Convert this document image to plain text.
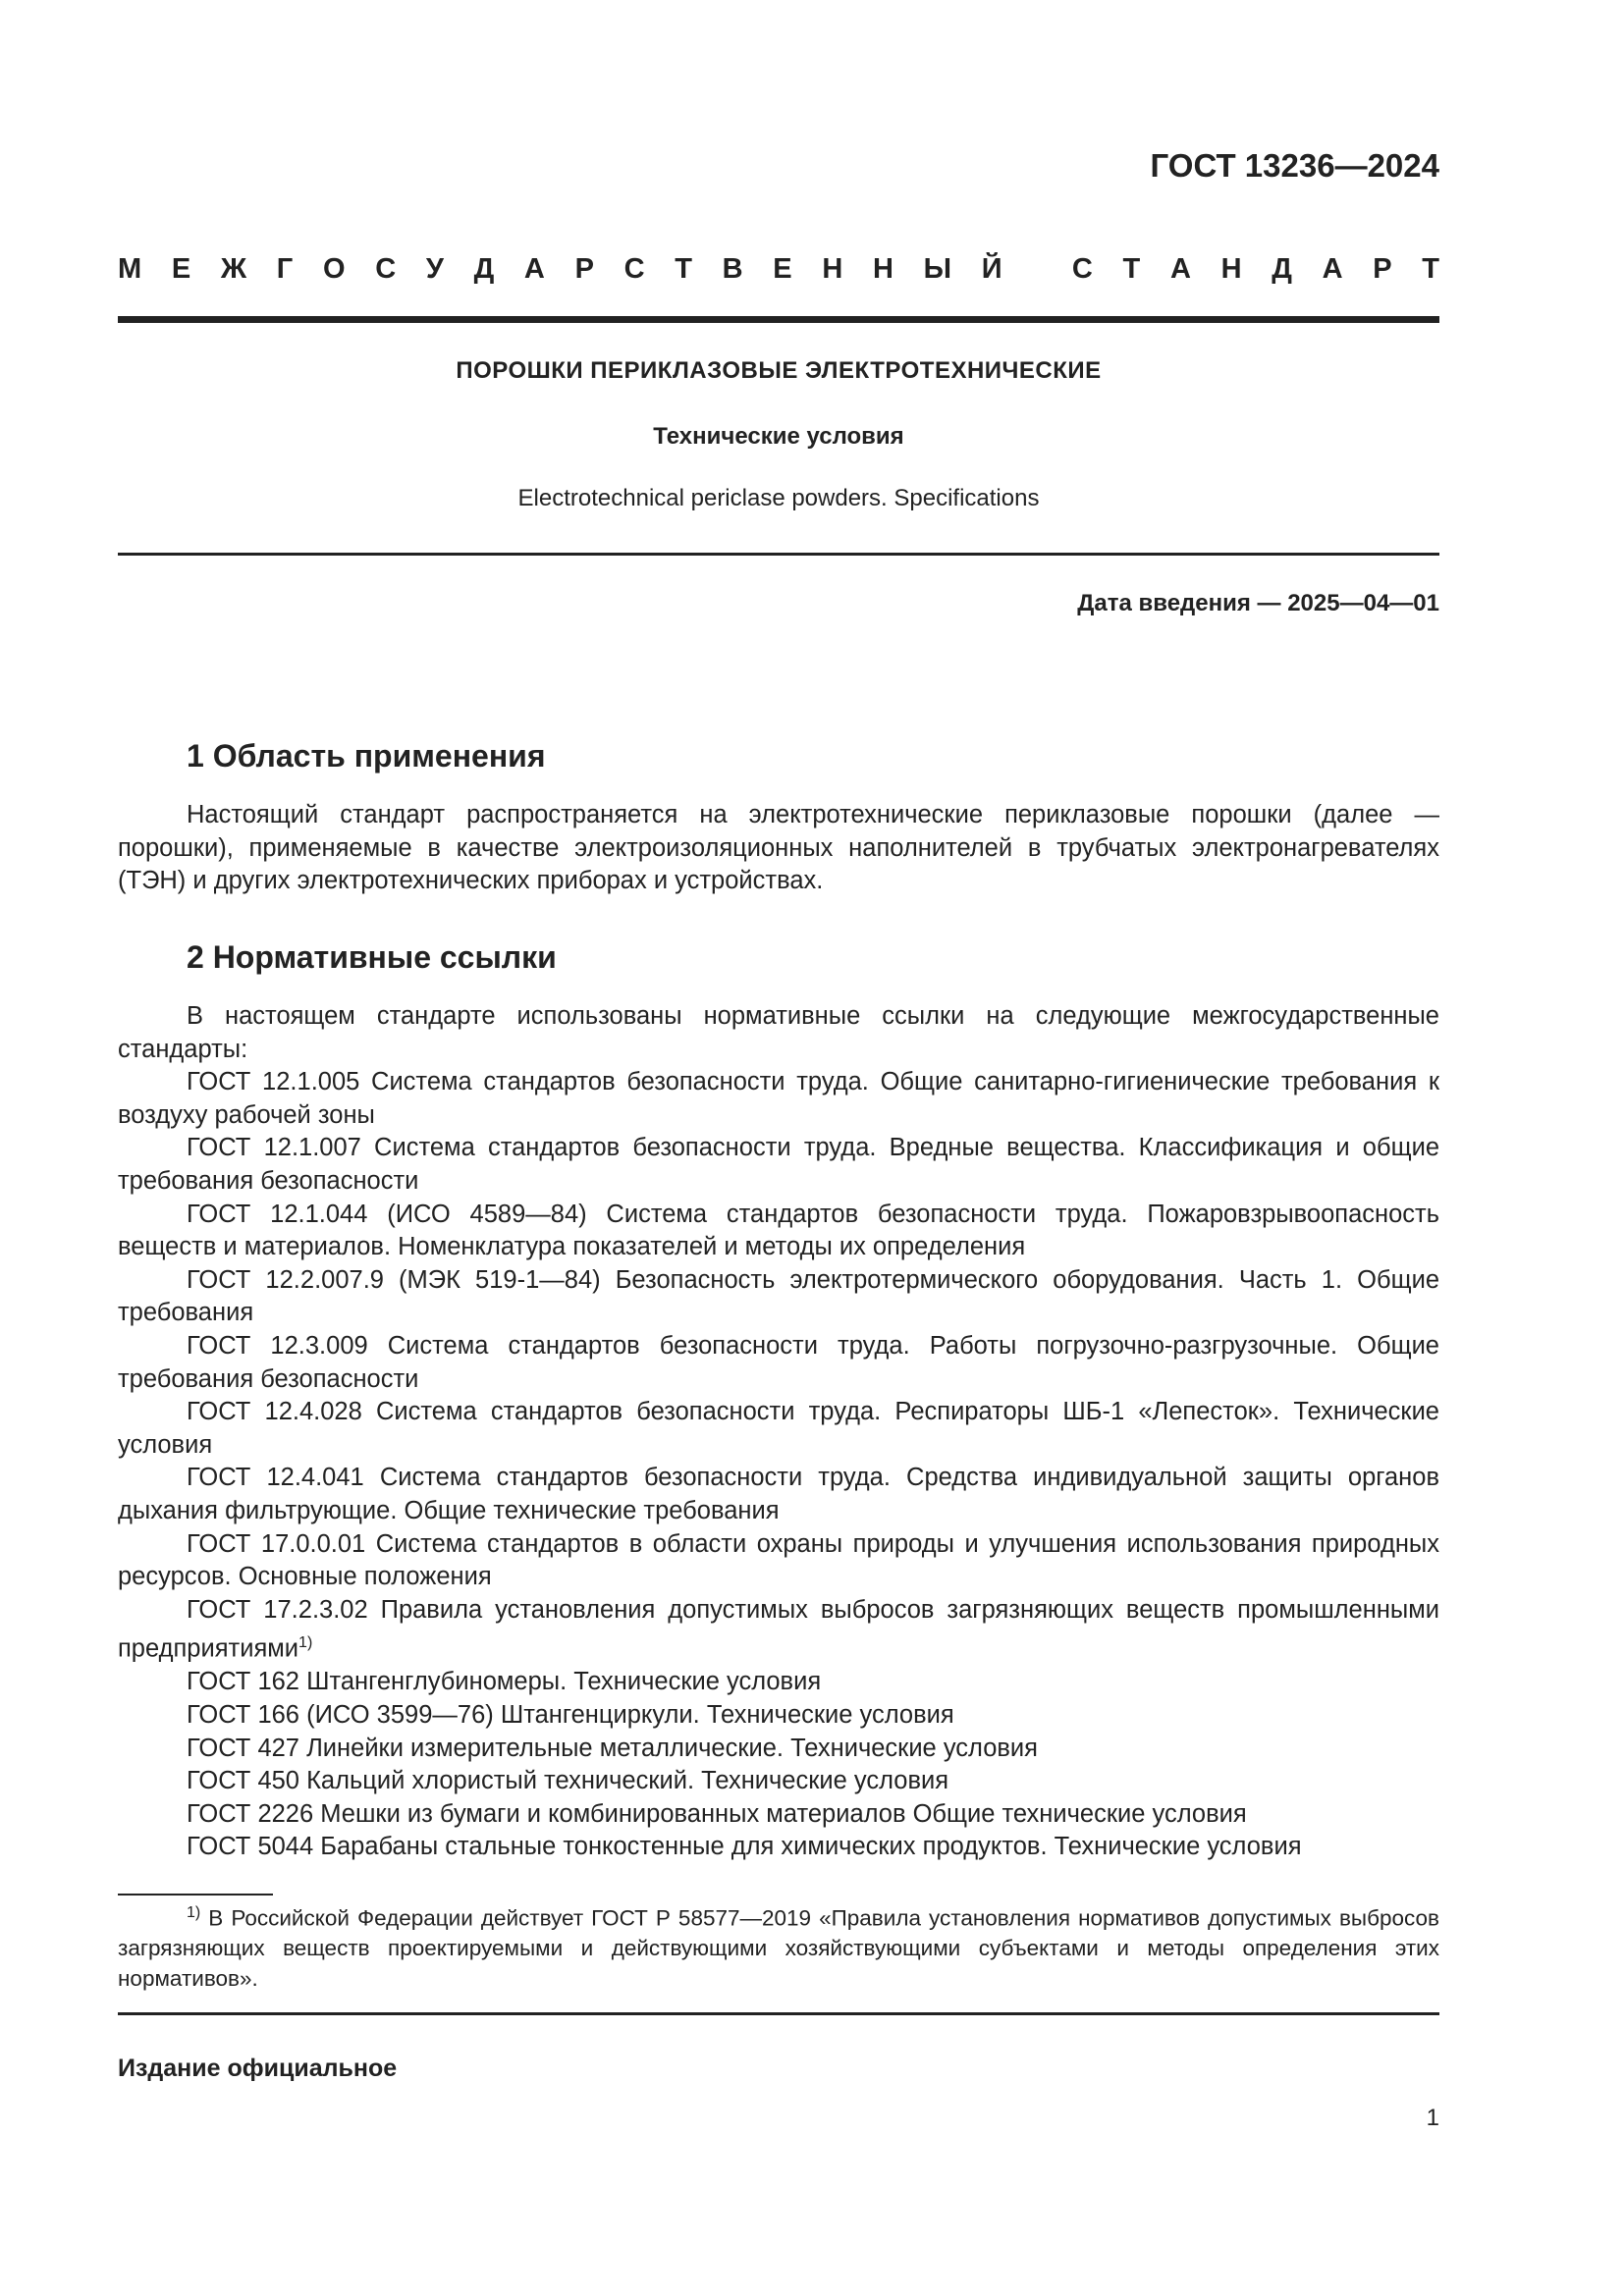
ГОСТ 13236—2024
М Е Ж Г О С У Д А Р С Т В Е Н Н Ы Й С Т А Н Д А Р Т
ПОРОШКИ ПЕРИКЛАЗОВЫЕ ЭЛЕКТРОТЕХНИЧЕСКИЕ
Технические условия
Electrotechnical periclase powders. Specifications
Дата введения — 2025—04—01
1 Область применения

Настоящий стандарт распространяется на электротехнические периклазовые порошки (далее — порошки), применяемые в качестве электроизоляционных наполнителей в трубчатых электронагревателях (ТЭН) и других электротехнических приборах и устройствах.

2 Нормативные ссылки

В настоящем стандарте использованы нормативные ссылки на следующие межгосударственные стандарты:

ГОСТ 12.1.005 Система стандартов безопасности труда. Общие санитарно-гигиенические требования к воздуху рабочей зоны

ГОСТ 12.1.007 Система стандартов безопасности труда. Вредные вещества. Классификация и общие требования безопасности

ГОСТ 12.1.044 (ИСО 4589—84) Система стандартов безопасности труда. Пожаровзрывоопасность веществ и материалов. Номенклатура показателей и методы их определения

ГОСТ 12.2.007.9 (МЭК 519-1—84) Безопасность электротермического оборудования. Часть 1. Общие требования

ГОСТ 12.3.009 Система стандартов безопасности труда. Работы погрузочно-разгрузочные. Общие требования безопасности

ГОСТ 12.4.028 Система стандартов безопасности труда. Респираторы ШБ-1 «Лепесток». Технические условия

ГОСТ 12.4.041 Система стандартов безопасности труда. Средства индивидуальной защиты органов дыхания фильтрующие. Общие технические требования

ГОСТ 17.0.0.01 Система стандартов в области охраны природы и улучшения использования природных ресурсов. Основные положения

ГОСТ 17.2.3.02 Правила установления допустимых выбросов загрязняющих веществ промышленными предприятиями$^{1)}$

ГОСТ 162 Штангенглубиномеры. Технические условия

ГОСТ 166 (ИСО 3599—76) Штангенциркули. Технические условия

ГОСТ 427 Линейки измерительные металлические. Технические условия

ГОСТ 450 Кальций хлористый технический. Технические условия

ГОСТ 2226 Мешки из бумаги и комбинированных материалов Общие технические условия

ГОСТ 5044 Барабаны стальные тонкостенные для химических продуктов. Технические условия

$^{1)}$ В Российской Федерации действует ГОСТ Р 58577—2019 «Правила установления нормативов допустимых выбросов загрязняющих веществ проектируемыми и действующими хозяйствующими субъектами и методы определения этих нормативов».

Издание официальное
1
